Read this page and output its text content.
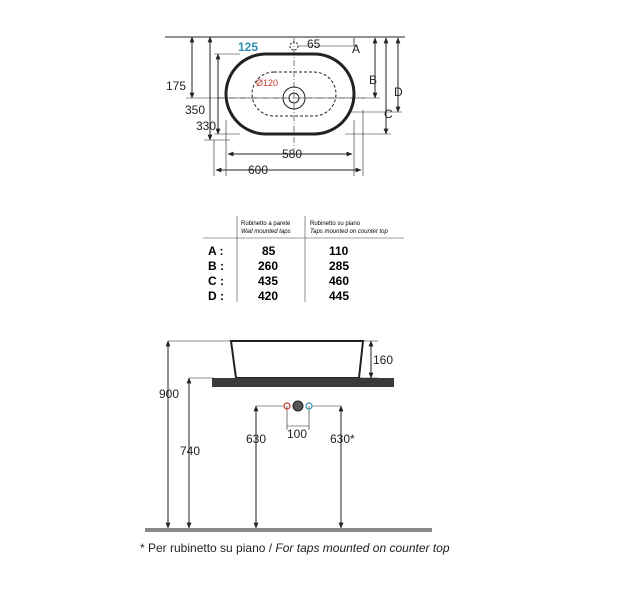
125	65
Ø120
175
350
330
580
600
A
B
C
D
Rubinetto a parete
Wall mounted taps
Rubinetto su piano
Taps mounted on counter top
A :	85	110
B :	260	285
C :	435	460
D :	420	445
160
900
740
630 100 630*
* Per rubinetto su piano / For taps mounted on counter top
